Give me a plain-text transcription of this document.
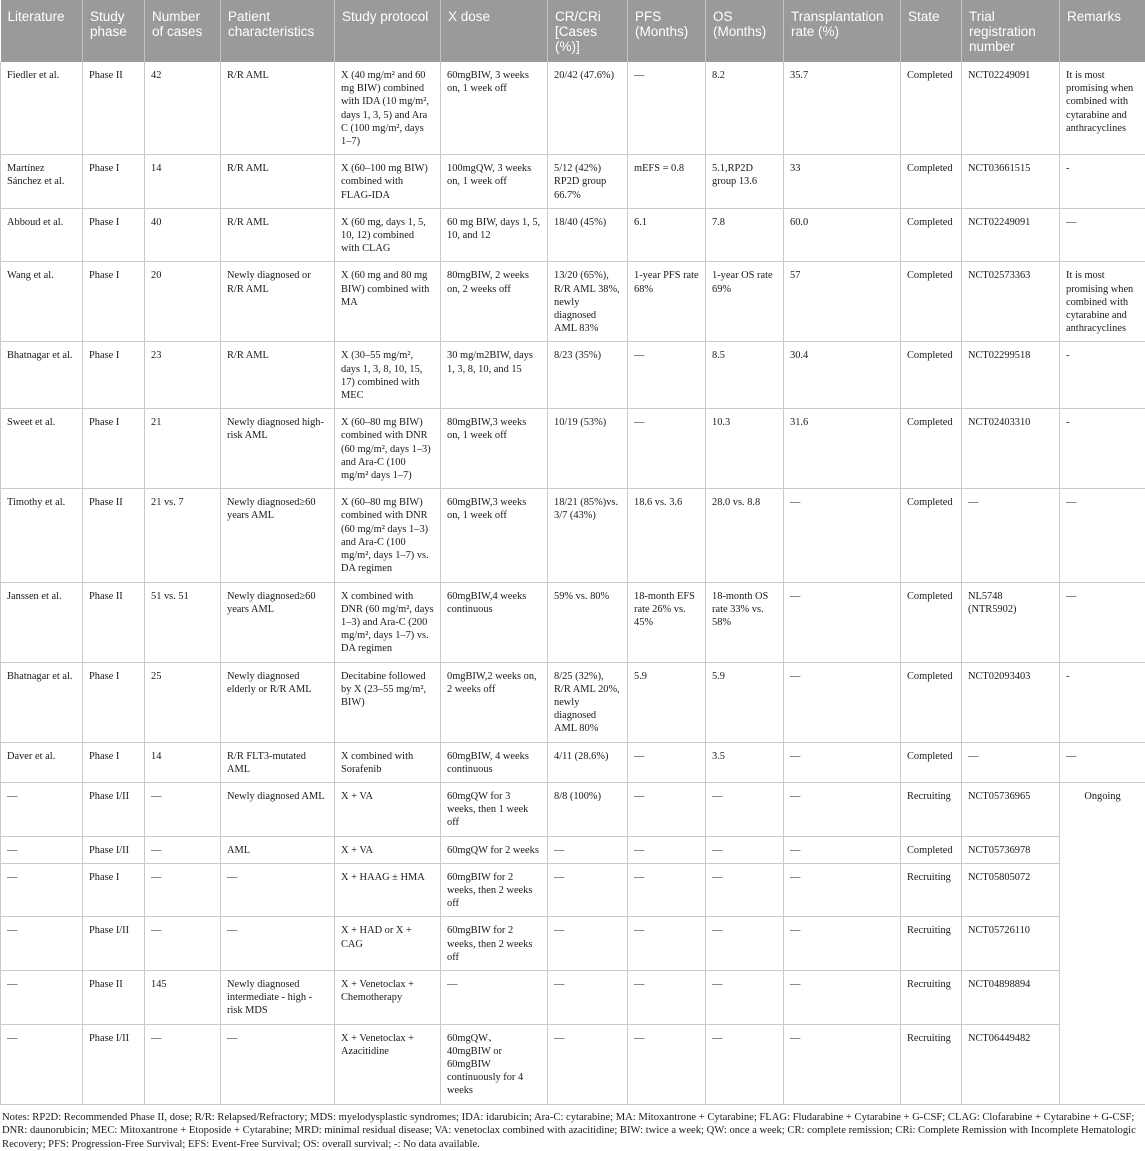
Literature	Study phase	Number of cases	Patient characteristics	Study protocol	X dose	CR/CRi [Cases (%)]	PFS (Months)	OS (Months)	Transplantation rate (%)	State	Trial registration number	Remarks
Fiedler et al.	Phase II	42	R/R AML	X (40 mg/m² and 60 mg BIW) combined with IDA (10 mg/m², days 1, 3, 5) and Ara C (100 mg/m², days 1–7)	60mgBIW, 3 weeks on, 1 week off	20/42 (47.6%)	—	8.2	35.7	Completed	NCT02249091	It is most promising when combined with cytarabine and anthracyclines
Martínez Sánchez et al.	Phase I	14	R/R AML	X (60–100 mg BIW) combined with FLAG-IDA	100mgQW, 3 weeks on, 1 week off	5/12 (42%) RP2D group 66.7%	mEFS = 0.8	5.1,RP2D group 13.6	33	Completed	NCT03661515	-
Abboud et al.	Phase I	40	R/R AML	X (60 mg, days 1, 5, 10, 12) combined with CLAG	60 mg BIW, days 1, 5, 10, and 12	18/40 (45%)	6.1	7.8	60.0	Completed	NCT02249091	—
Wang et al.	Phase I	20	Newly diagnosed or R/R AML	X (60 mg and 80 mg BIW) combined with MA	80mgBIW, 2 weeks on, 2 weeks off	13/20 (65%), R/R AML 38%, newly diagnosed AML 83%	1-year PFS rate 68%	1-year OS rate 69%	57	Completed	NCT02573363	It is most promising when combined with cytarabine and anthracyclines
Bhatnagar et al.	Phase I	23	R/R AML	X (30–55 mg/m², days 1, 3, 8, 10, 15, 17) combined with MEC	30 mg/m2BIW, days 1, 3, 8, 10, and 15	8/23 (35%)	—	8.5	30.4	Completed	NCT02299518	-
Sweet et al.	Phase I	21	Newly diagnosed high-risk AML	X (60–80 mg BIW) combined with DNR (60 mg/m², days 1–3) and Ara-C (100 mg/m² days 1–7)	80mgBIW,3 weeks on, 1 week off	10/19 (53%)	—	10.3	31.6	Completed	NCT02403310	-
Timothy et al.	Phase II	21 vs. 7	Newly diagnosed≥60 years AML	X (60–80 mg BIW) combined with DNR (60 mg/m² days 1–3) and Ara-C (100 mg/m², days 1–7) vs. DA regimen	60mgBIW,3 weeks on, 1 week off	18/21 (85%)vs. 3/7 (43%)	18.6 vs. 3.6	28.0 vs. 8.8	—	Completed	—	—
Janssen et al.	Phase II	51 vs. 51	Newly diagnosed≥60 years AML	X combined with DNR (60 mg/m², days 1–3) and Ara-C (200 mg/m², days 1–7) vs. DA regimen	60mgBIW,4 weeks continuous	59% vs. 80%	18-month EFS rate 26% vs. 45%	18-month OS rate 33% vs. 58%	—	Completed	NL5748 (NTR5902)	—
Bhatnagar et al.	Phase I	25	Newly diagnosed elderly or R/R AML	Decitabine followed by X (23–55 mg/m², BIW)	0mgBIW,2 weeks on, 2 weeks off	8/25 (32%), R/R AML 20%, newly diagnosed AML 80%	5.9	5.9	—	Completed	NCT02093403	-
Daver et al.	Phase I	14	R/R FLT3-mutated AML	X combined with Sorafenib	60mgBIW, 4 weeks continuous	4/11 (28.6%)	—	3.5	—	Completed	—	—
—	Phase I/II	—	Newly diagnosed AML	X + VA	60mgQW for 3 weeks, then 1 week off	8/8 (100%)	—	—	—	Recruiting	NCT05736965	Ongoing
—	Phase I/II	—	AML	X + VA	60mgQW for 2 weeks	—	—	—	—	Completed	NCT05736978	
—	Phase I	—	—	X + HAAG ± HMA	60mgBIW for 2 weeks, then 2 weeks off	—	—	—	—	Recruiting	NCT05805072	
—	Phase I/II	—	—	X + HAD or X + CAG	60mgBIW for 2 weeks, then 2 weeks off	—	—	—	—	Recruiting	NCT05726110	
—	Phase II	145	Newly diagnosed intermediate - high - risk MDS	X + Venetoclax + Chemotherapy	—	—	—	—	—	Recruiting	NCT04898894	
—	Phase I/II	—	—	X + Venetoclax + Azacitidine	60mgQW、40mgBIW or 60mgBIW continuously for 4 weeks	—	—	—	—	Recruiting	NCT06449482	

Notes: RP2D: Recommended Phase II, dose; R/R: Relapsed/Refractory; MDS: myelodysplastic syndromes; IDA: idarubicin; Ara-C: cytarabine; MA: Mitoxantrone + Cytarabine; FLAG: Fludarabine + Cytarabine + G-CSF; CLAG: Clofarabine + Cytarabine + G-CSF; DNR: daunorubicin; MEC: Mitoxantrone + Etoposide + Cytarabine; MRD: minimal residual disease; VA: venetoclax combined with azacitidine; BIW: twice a week; QW: once a week; CR: complete remission; CRi: Complete Remission with Incomplete Hematologic Recovery; PFS: Progression-Free Survival; EFS: Event-Free Survival; OS: overall survival; -: No data available.
